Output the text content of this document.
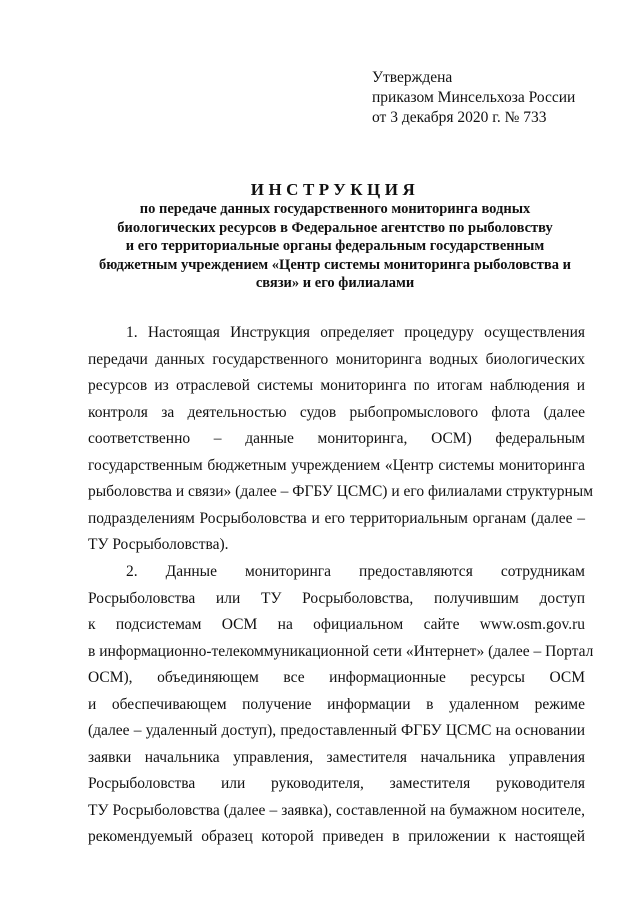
Утверждена
приказом Минсельхоза России
от 3 декабря 2020 г. № 733
ИНСТРУКЦИЯ
по передаче данных государственного мониторинга водных
биологических ресурсов в Федеральное агентство по рыболовству
и его территориальные органы федеральным государственным
бюджетным учреждением «Центр системы мониторинга рыболовства и
связи» и его филиалами
1. Настоящая Инструкция определяет процедуру осуществления
передачи данных государственного мониторинга водных биологических
ресурсов из отраслевой системы мониторинга по итогам наблюдения и
контроля за деятельностью судов рыбопромыслового флота (далее
соответственно – данные мониторинга, ОСМ) федеральным
государственным бюджетным учреждением «Центр системы мониторинга
рыболовства и связи» (далее – ФГБУ ЦСМС) и его филиалами структурным
подразделениям Росрыболовства и его территориальным органам (далее –
ТУ Росрыболовства).
2. Данные мониторинга предоставляются сотрудникам
Росрыболовства или ТУ Росрыболовства, получившим доступ
к подсистемам ОСМ на официальном сайте www.osm.gov.ru
в информационно-телекоммуникационной сети «Интернет» (далее – Портал
ОСМ), объединяющем все информационные ресурсы ОСМ
и обеспечивающем получение информации в удаленном режиме
(далее – удаленный доступ), предоставленный ФГБУ ЦСМС на основании
заявки начальника управления, заместителя начальника управления
Росрыболовства или руководителя, заместителя руководителя
ТУ Росрыболовства (далее – заявка), составленной на бумажном носителе,
рекомендуемый образец которой приведен в приложении к настоящей
